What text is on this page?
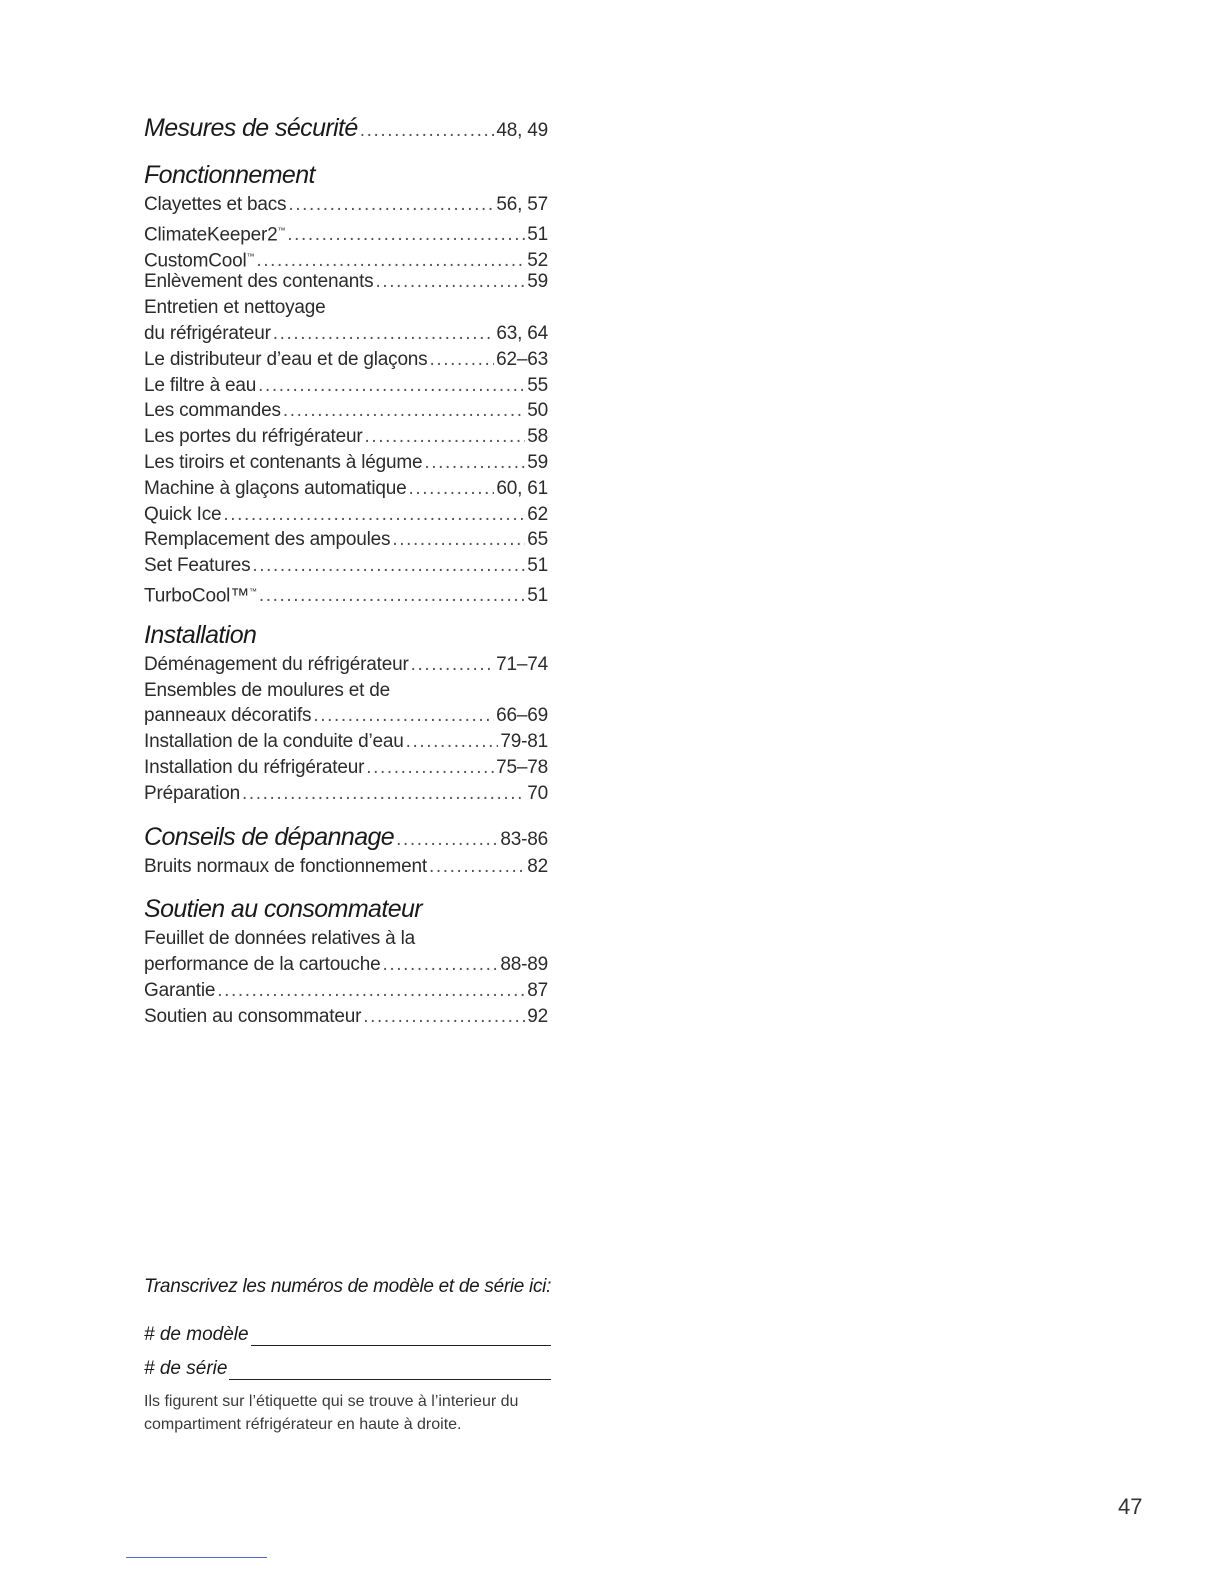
Mesures de sécurité .....	48, 49
Fonctionnement
Clayettes et bacs .....	56, 57
ClimateKeeper2™ .....	51
CustomCool™ .....	52
Enlèvement des contenants .....	59
Entretien et nettoyage
du réfrigérateur .....	63, 64
Le distributeur d’eau et de glaçons .....	62–63
Le filtre à eau .....	55
Les commandes .....	50
Les portes du réfrigérateur .....	58
Les tiroirs et contenants à légume .....	59
Machine à glaçons automatique .....	60, 61
Quick Ice .....	62
Remplacement des ampoules .....	65
Set Features .....	51
TurboCool™™ .....	51
Installation
Déménagement du réfrigérateur .....	71–74
Ensembles de moulures et de
panneaux décoratifs .....	66–69
Installation de la conduite d’eau .....	79-81
Installation du réfrigérateur .....	75–78
Préparation .....	70
Conseils de dépannage .....	83-86
Bruits normaux de fonctionnement .....	82
Soutien au consommateur
Feuillet de données relatives à la
performance de la cartouche .....	88-89
Garantie .....	87
Soutien au consommateur .....	92
Transcrivez les numéros de modèle et de série ici:
# de modèle
# de série
Ils figurent sur l’étiquette qui se trouve à l’interieur du compartiment réfrigérateur en haute à droite.
47
